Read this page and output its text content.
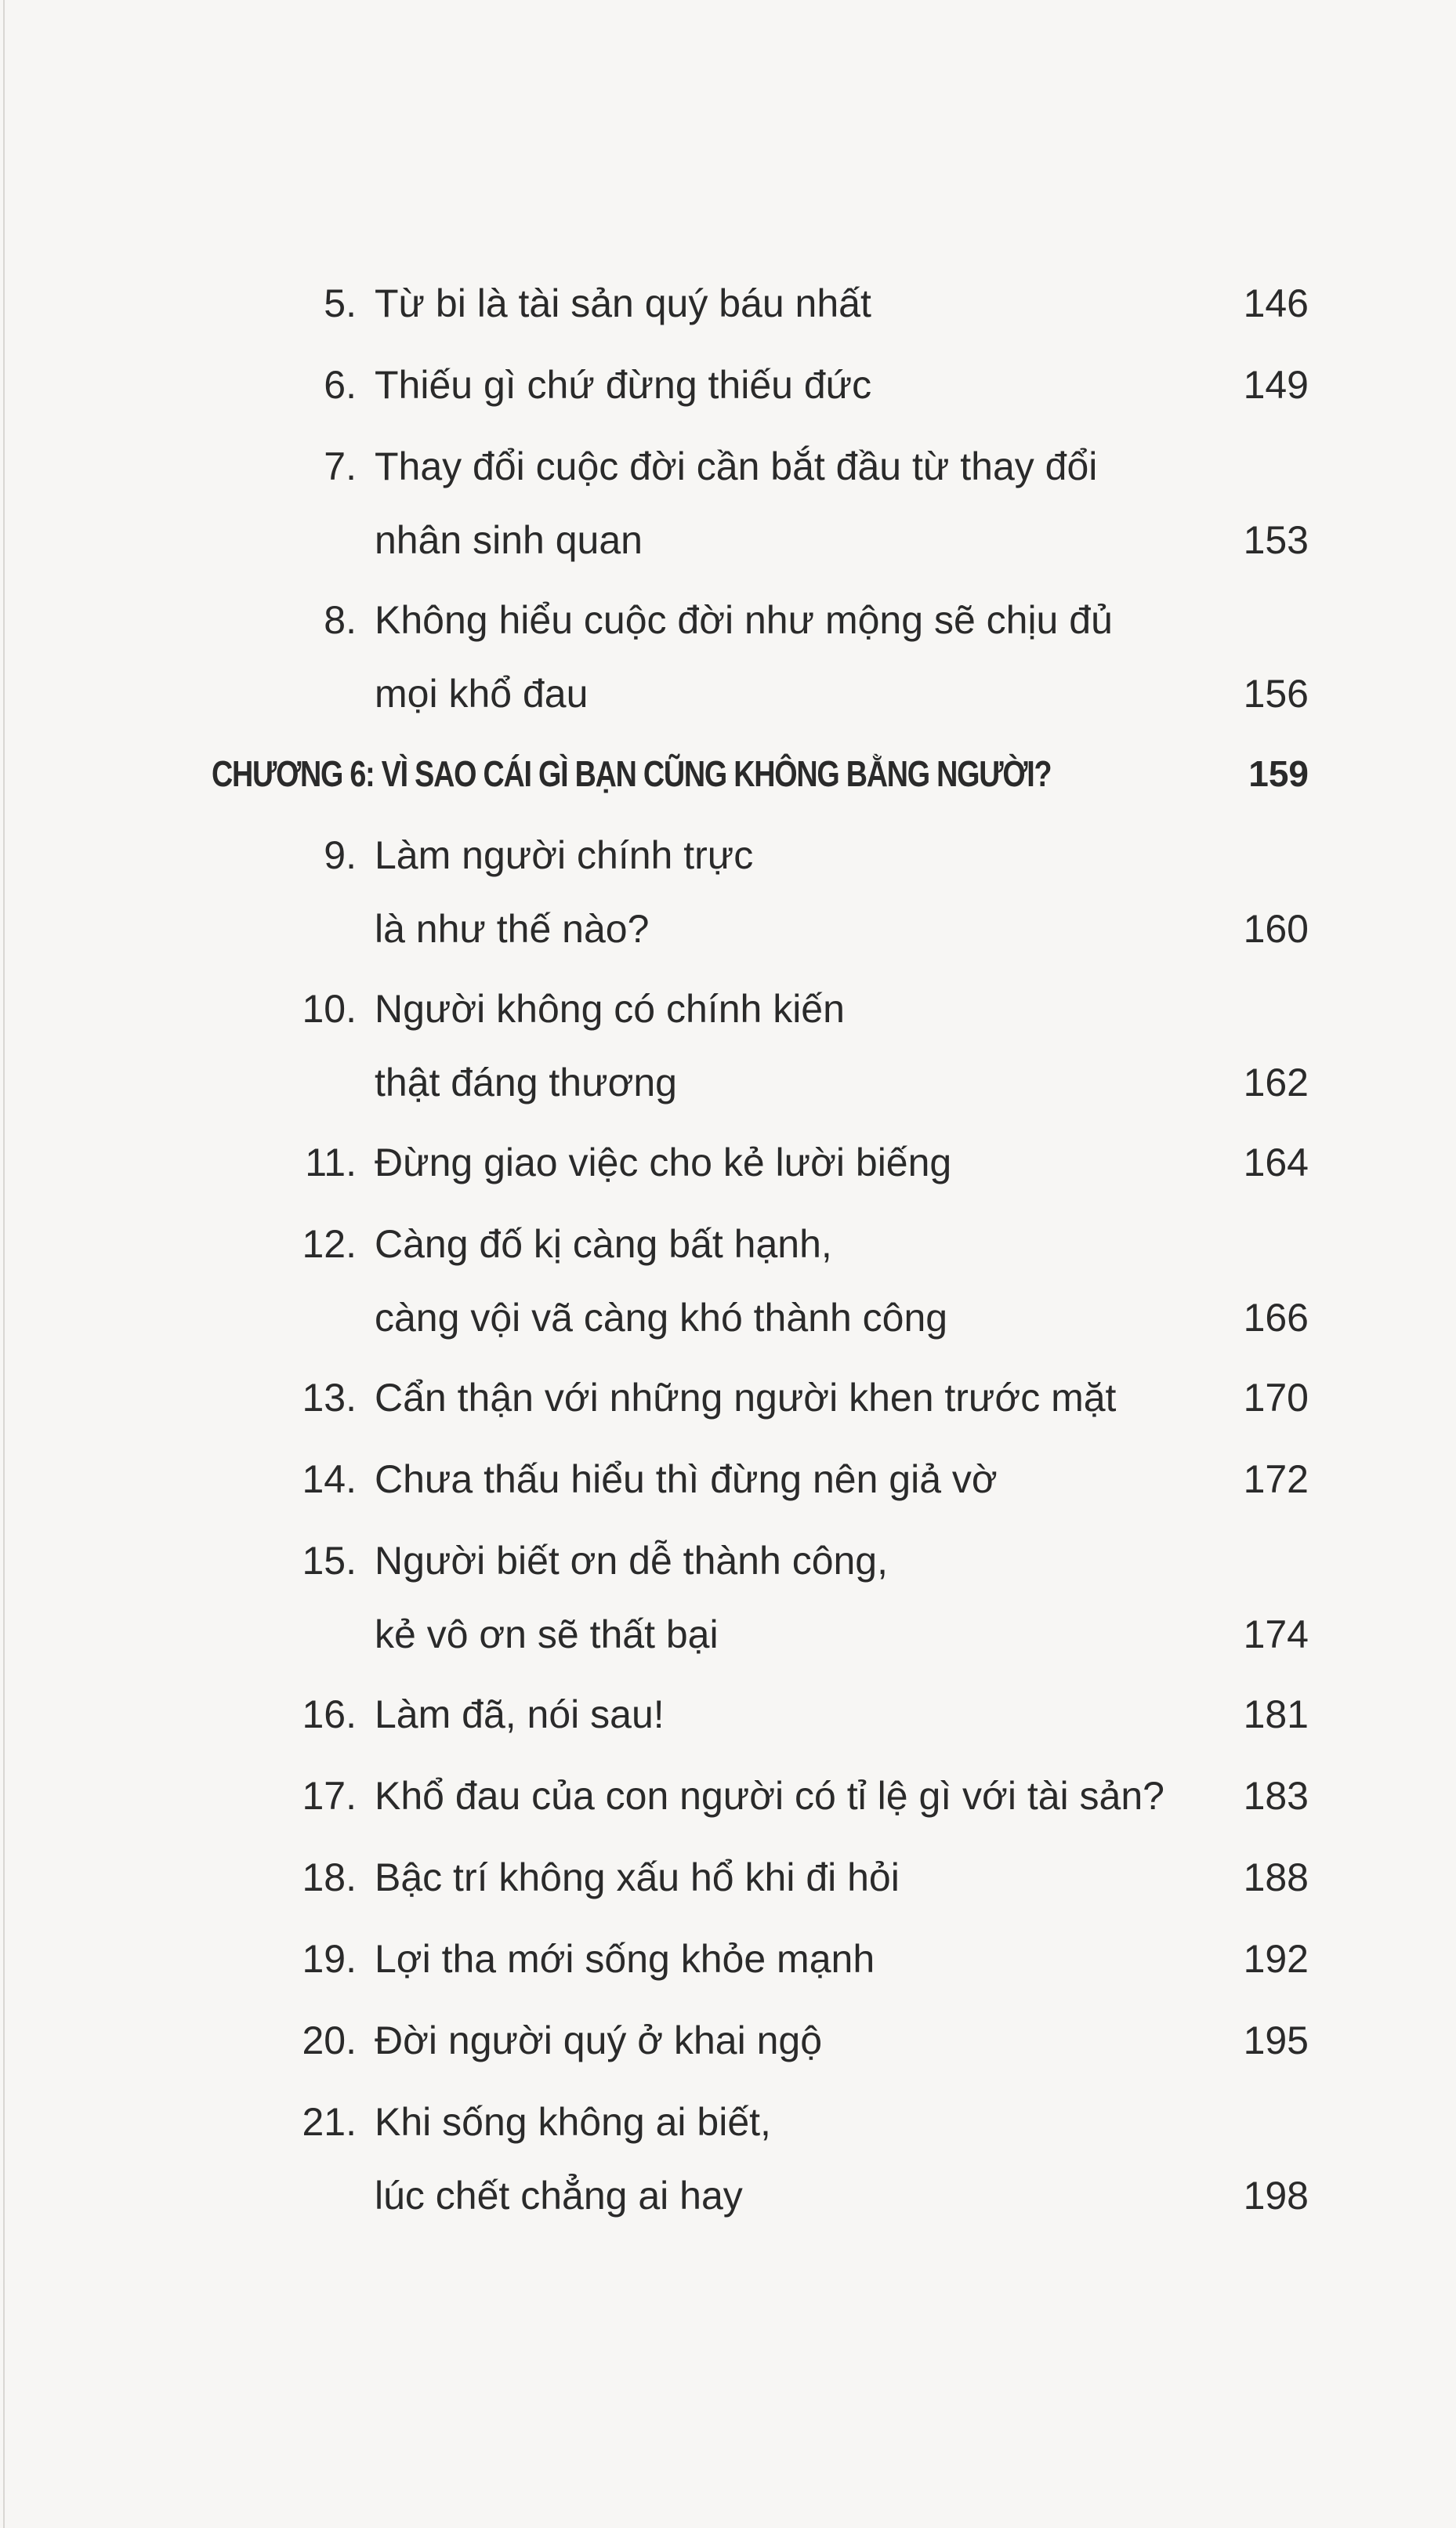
5. Từ bi là tài sản quý báu nhất	146
6. Thiếu gì chứ đừng thiếu đức	149
7. Thay đổi cuộc đời cần bắt đầu từ thay đổi
nhân sinh quan	153
8. Không hiểu cuộc đời như mộng sẽ chịu đủ
mọi khổ đau	156
CHƯƠNG 6: VÌ SAO CÁI GÌ BẠN CŨNG KHÔNG BẰNG NGƯỜI?	159
9. Làm người chính trực
là như thế nào?	160
10. Người không có chính kiến
thật đáng thương	162
11. Đừng giao việc cho kẻ lười biếng	164
12. Càng đố kị càng bất hạnh,
càng vội vã càng khó thành công	166
13. Cẩn thận với những người khen trước mặt	170
14. Chưa thấu hiểu thì đừng nên giả vờ	172
15. Người biết ơn dễ thành công,
kẻ vô ơn sẽ thất bại	174
16. Làm đã, nói sau!	181
17. Khổ đau của con người có tỉ lệ gì với tài sản?	183
18. Bậc trí không xấu hổ khi đi hỏi	188
19. Lợi tha mới sống khỏe mạnh	192
20. Đời người quý ở khai ngộ	195
21. Khi sống không ai biết,
lúc chết chẳng ai hay	198
